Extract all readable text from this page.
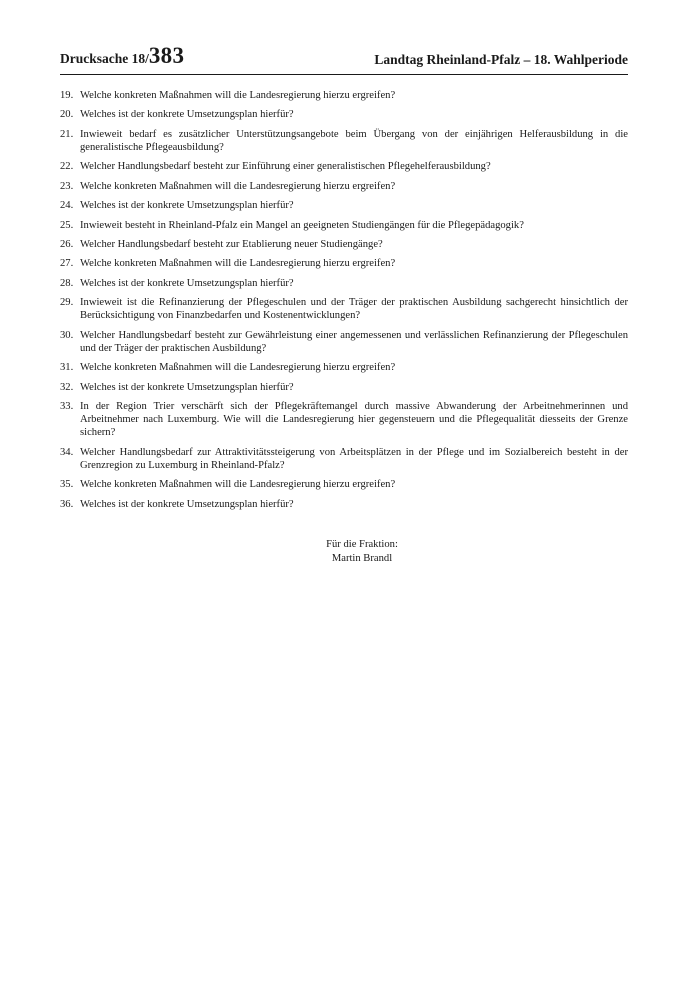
Drucksache 18/383	Landtag Rheinland-Pfalz – 18. Wahlperiode
19. Welche konkreten Maßnahmen will die Landesregierung hierzu ergreifen?
20. Welches ist der konkrete Umsetzungsplan hierfür?
21. Inwieweit bedarf es zusätzlicher Unterstützungsangebote beim Übergang von der einjährigen Helferausbildung in die generalistische Pflegeausbildung?
22. Welcher Handlungsbedarf besteht zur Einführung einer generalistischen Pflegehelferausbildung?
23. Welche konkreten Maßnahmen will die Landesregierung hierzu ergreifen?
24. Welches ist der konkrete Umsetzungsplan hierfür?
25. Inwieweit besteht in Rheinland-Pfalz ein Mangel an geeigneten Studiengängen für die Pflegepädagogik?
26. Welcher Handlungsbedarf besteht zur Etablierung neuer Studiengänge?
27. Welche konkreten Maßnahmen will die Landesregierung hierzu ergreifen?
28. Welches ist der konkrete Umsetzungsplan hierfür?
29. Inwieweit ist die Refinanzierung der Pflegeschulen und der Träger der praktischen Ausbildung sachgerecht hinsichtlich der Berücksichtigung von Finanzbedarfen und Kostenentwicklungen?
30. Welcher Handlungsbedarf besteht zur Gewährleistung einer angemessenen und verlässlichen Refinanzierung der Pflegeschulen und der Träger der praktischen Ausbildung?
31. Welche konkreten Maßnahmen will die Landesregierung hierzu ergreifen?
32. Welches ist der konkrete Umsetzungsplan hierfür?
33. In der Region Trier verschärft sich der Pflegekräftemangel durch massive Abwanderung der Arbeitnehmerinnen und Arbeitnehmer nach Luxemburg. Wie will die Landesregierung hier gegensteuern und die Pflegequalität diesseits der Grenze sichern?
34. Welcher Handlungsbedarf zur Attraktivitätssteigerung von Arbeitsplätzen in der Pflege und im Sozialbereich besteht in der Grenzregion zu Luxemburg in Rheinland-Pfalz?
35. Welche konkreten Maßnahmen will die Landesregierung hierzu ergreifen?
36. Welches ist der konkrete Umsetzungsplan hierfür?
Für die Fraktion:
Martin Brandl
